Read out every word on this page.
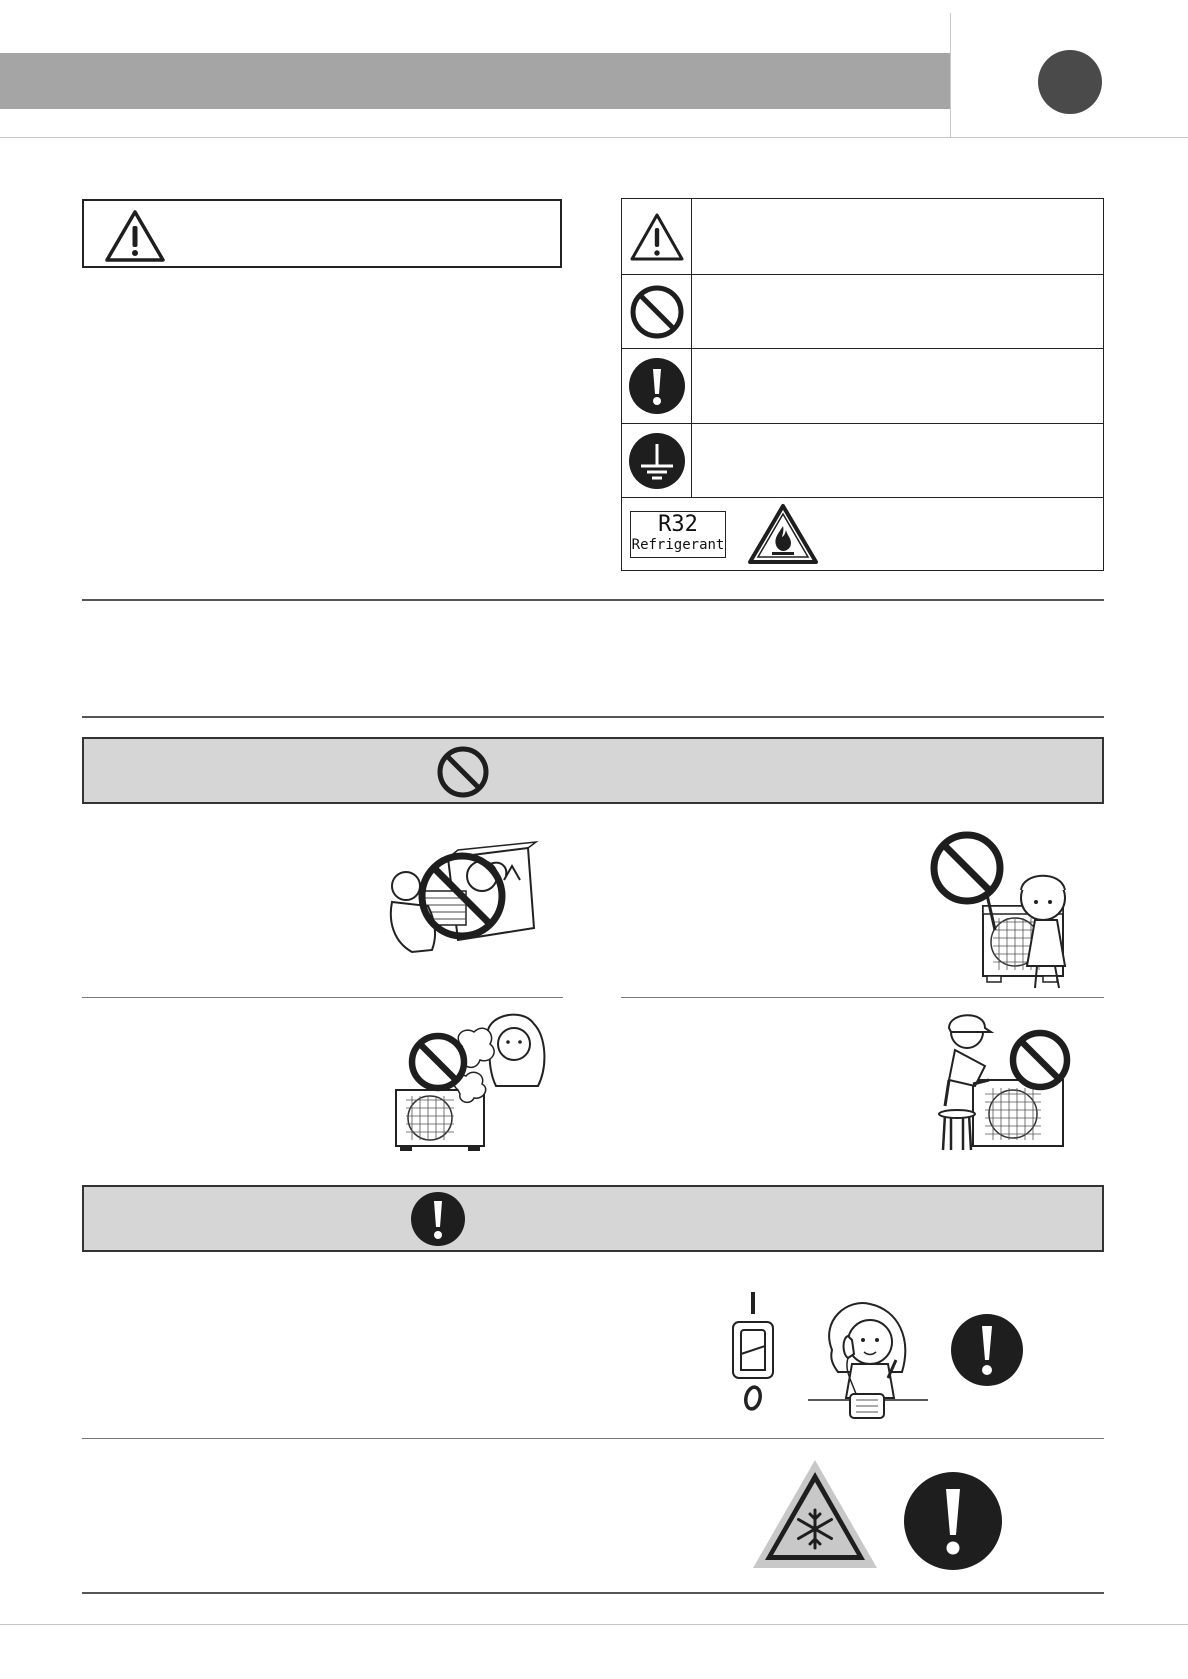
R32
Refrigerant
